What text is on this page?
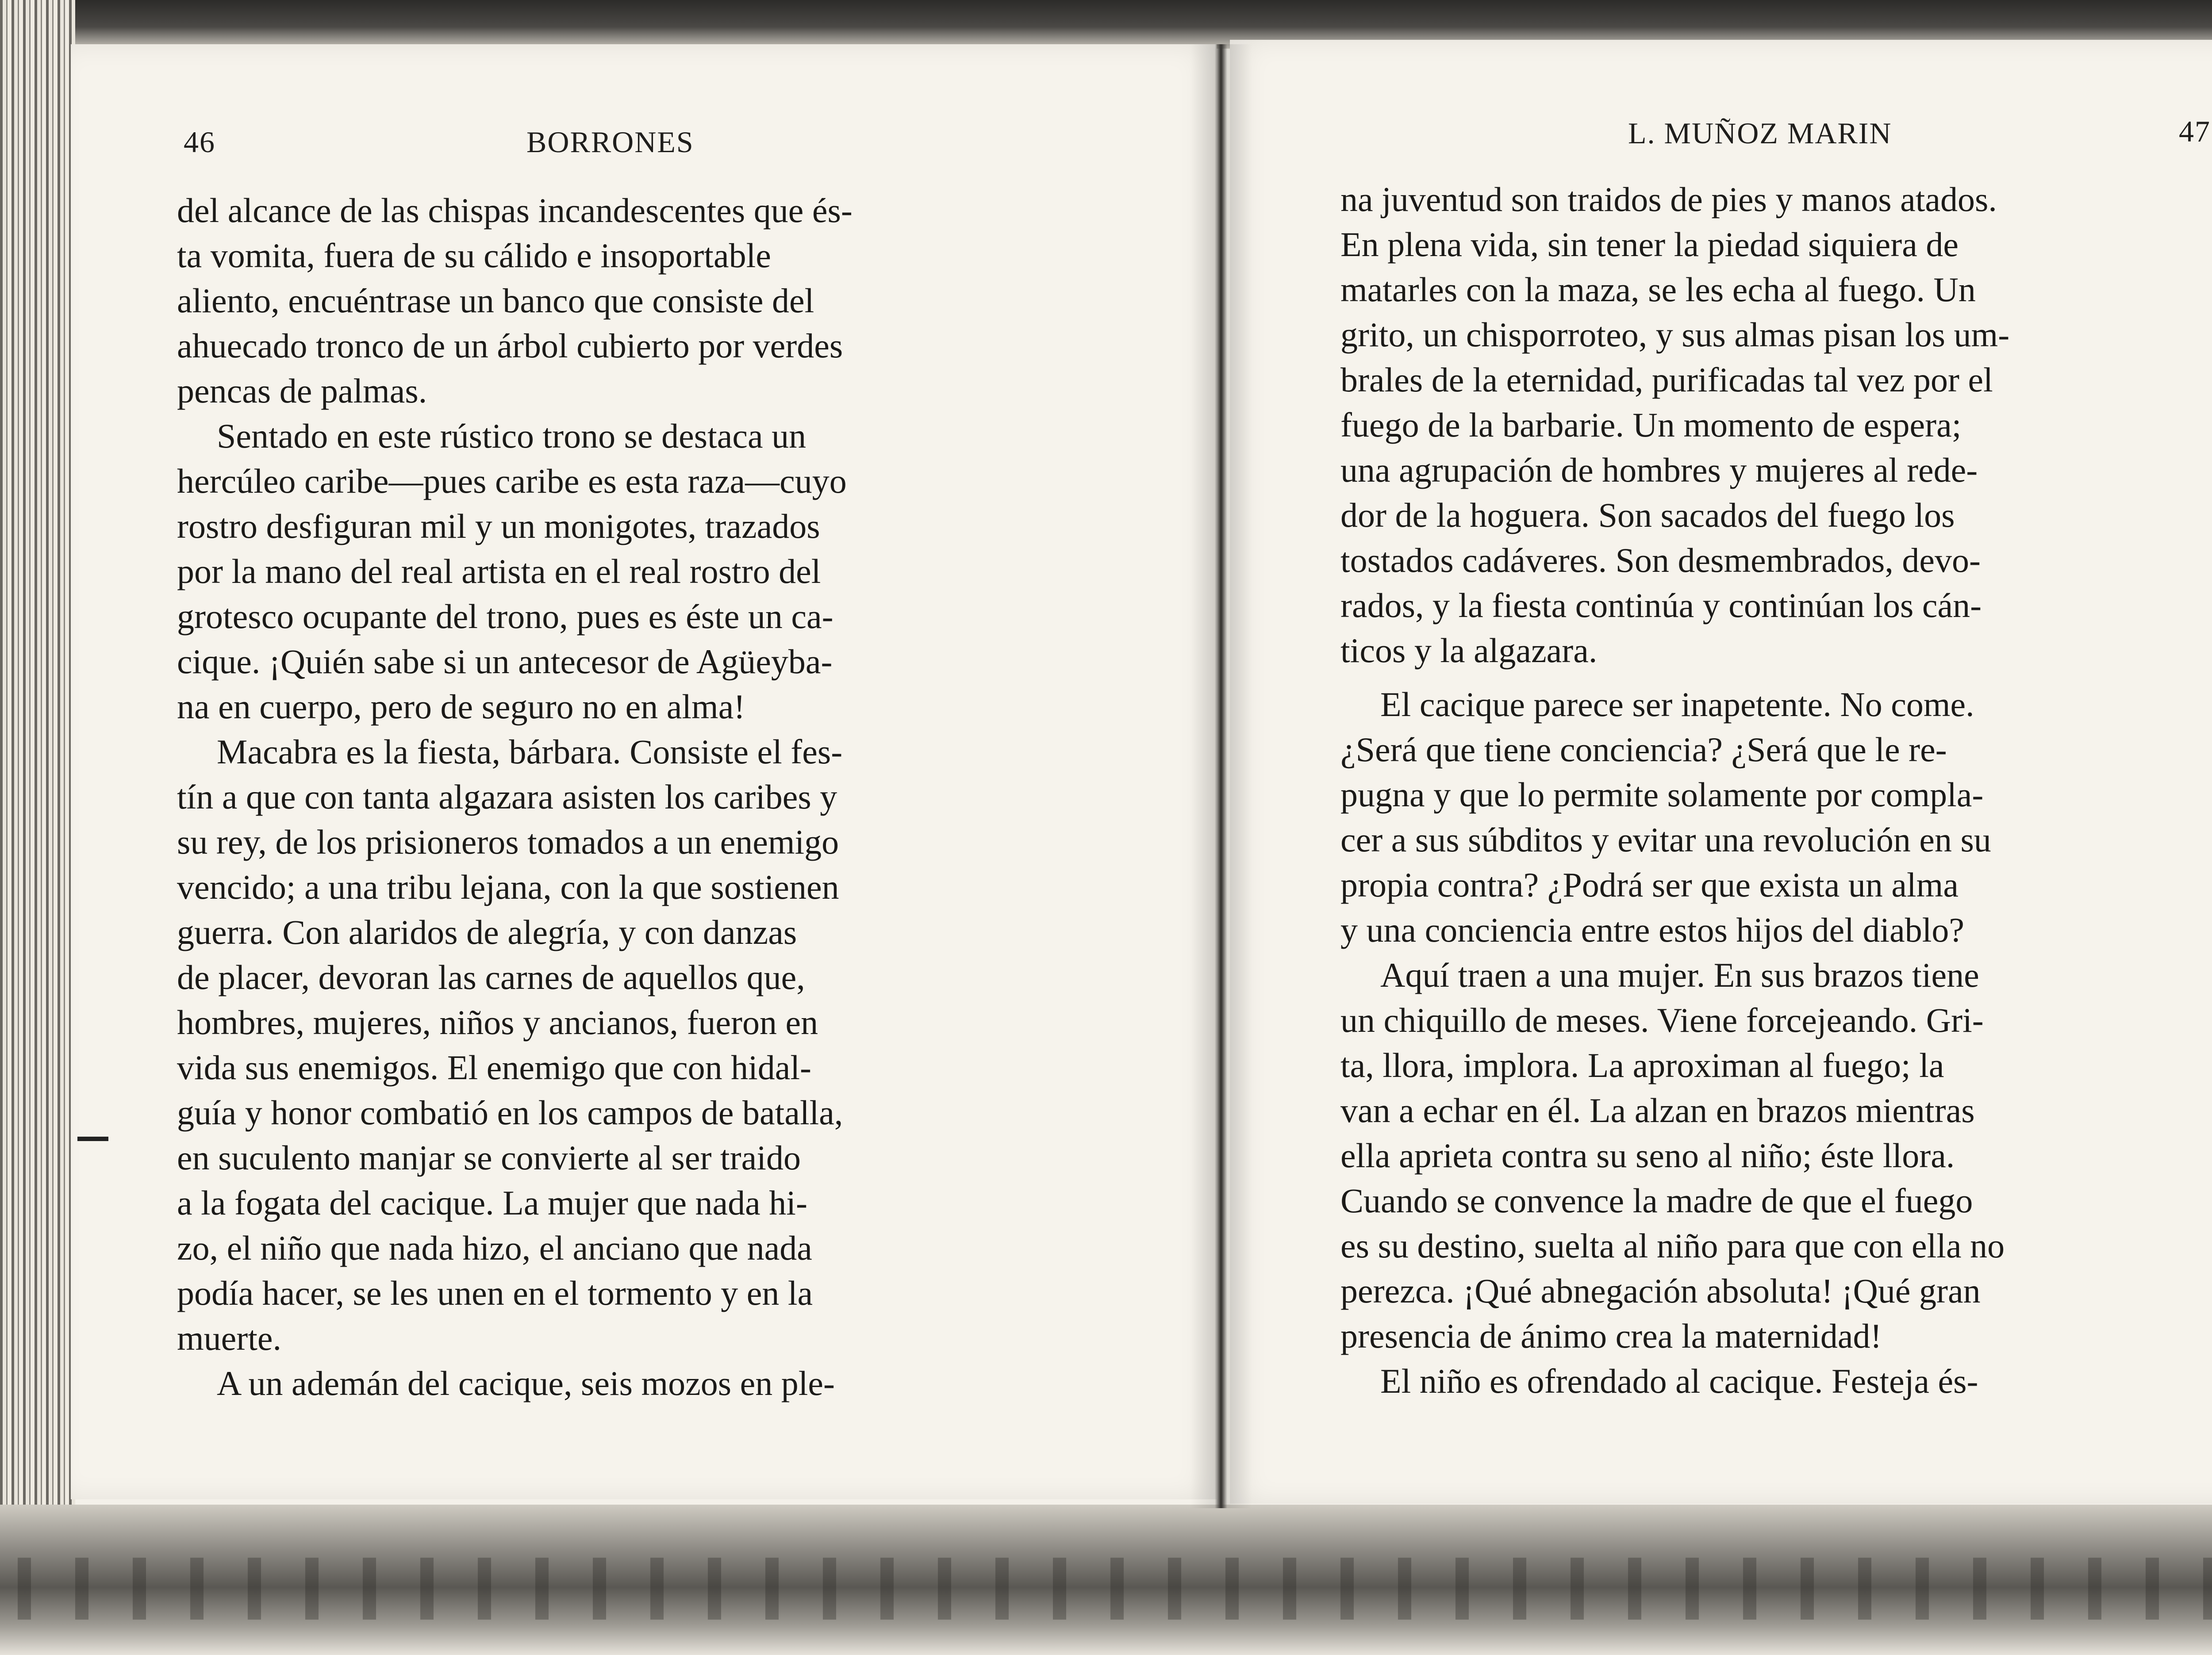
46	BORRONES	L. MUÑOZ MARIN	47
del alcance de las chispas incandescentes que és-
ta vomita, fuera de su cálido e insoportable
aliento, encuéntrase un banco que consiste del
ahuecado tronco de un árbol cubierto por verdes
pencas de palmas.
Sentado en este rústico trono se destaca un
hercúleo caribe—pues caribe es esta raza—cuyo
rostro desfiguran mil y un monigotes, trazados
por la mano del real artista en el real rostro del
grotesco ocupante del trono, pues es éste un ca-
cique. ¡Quién sabe si un antecesor de Agüeyba-
na en cuerpo, pero de seguro no en alma!
Macabra es la fiesta, bárbara. Consiste el fes-
tín a que con tanta algazara asisten los caribes y
su rey, de los prisioneros tomados a un enemigo
vencido; a una tribu lejana, con la que sostienen
guerra. Con alaridos de alegría, y con danzas
de placer, devoran las carnes de aquellos que,
hombres, mujeres, niños y ancianos, fueron en
vida sus enemigos. El enemigo que con hidal-
guía y honor combatió en los campos de batalla,
en suculento manjar se convierte al ser traido
a la fogata del cacique. La mujer que nada hi-
zo, el niño que nada hizo, el anciano que nada
podía hacer, se les unen en el tormento y en la
muerte.
A un ademán del cacique, seis mozos en ple-
na juventud son traidos de pies y manos atados.
En plena vida, sin tener la piedad siquiera de
matarles con la maza, se les echa al fuego. Un
grito, un chisporroteo, y sus almas pisan los um-
brales de la eternidad, purificadas tal vez por el
fuego de la barbarie. Un momento de espera;
una agrupación de hombres y mujeres al rede-
dor de la hoguera. Son sacados del fuego los
tostados cadáveres. Son desmembrados, devo-
rados, y la fiesta continúa y continúan los cán-
ticos y la algazara.
El cacique parece ser inapetente. No come.
¿Será que tiene conciencia? ¿Será que le re-
pugna y que lo permite solamente por compla-
cer a sus súbditos y evitar una revolución en su
propia contra? ¿Podrá ser que exista un alma
y una conciencia entre estos hijos del diablo?
Aquí traen a una mujer. En sus brazos tiene
un chiquillo de meses. Viene forcejeando. Gri-
ta, llora, implora. La aproximan al fuego; la
van a echar en él. La alzan en brazos mientras
ella aprieta contra su seno al niño; éste llora.
Cuando se convence la madre de que el fuego
es su destino, suelta al niño para que con ella no
perezca. ¡Qué abnegación absoluta! ¡Qué gran
presencia de ánimo crea la maternidad!
El niño es ofrendado al cacique. Festeja és-
